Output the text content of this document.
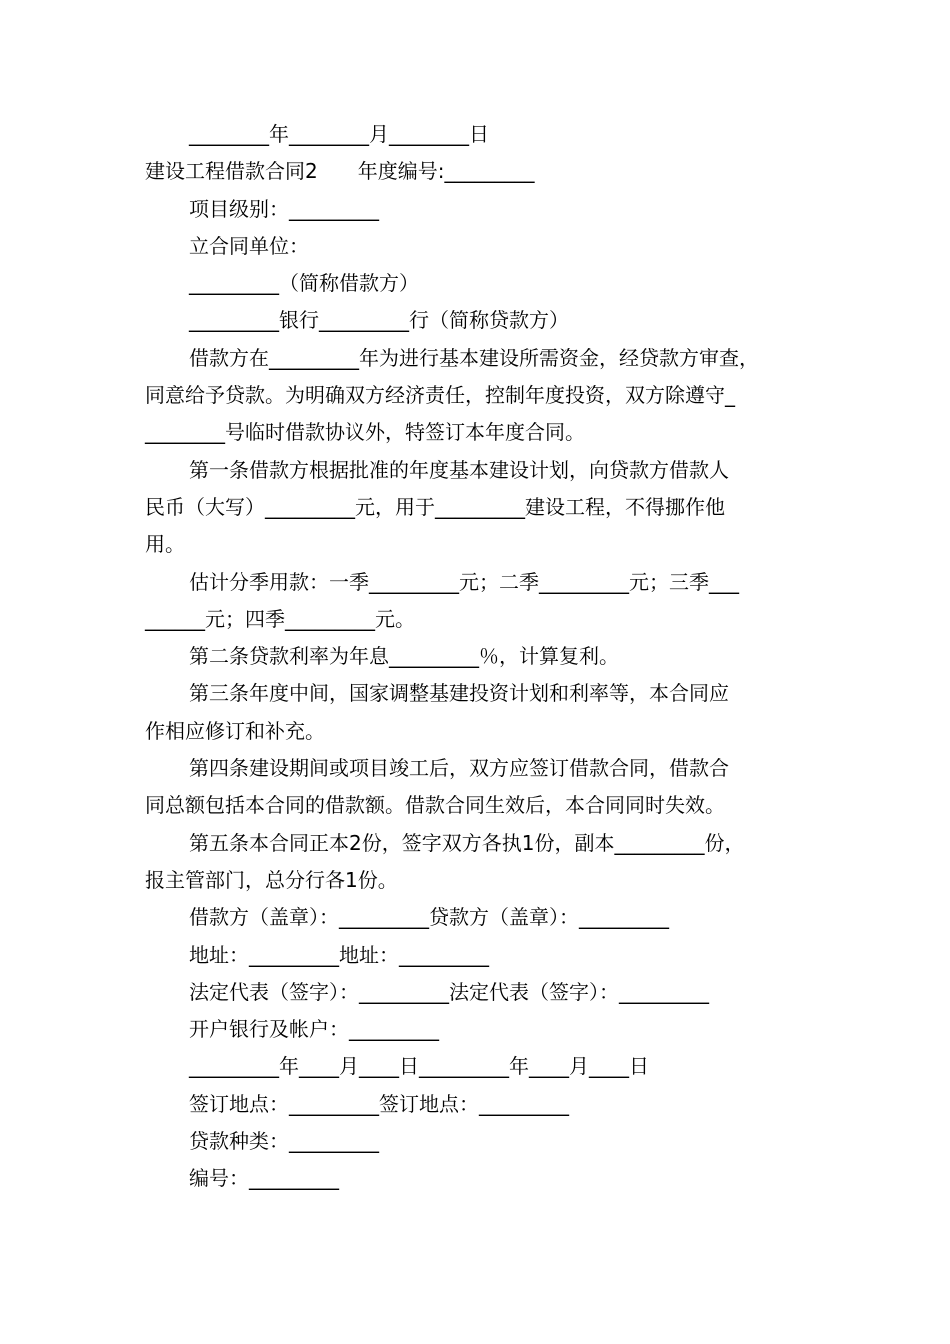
________年________月________日

建设工程借款合同2 年度编号:_________

项目级别：_________

立合同单位：

_________（简称借款方）

_________银行_________行（简称贷款方）

借款方在_________年为进行基本建设所需资金，经贷款方审查，

同意给予贷款。为明确双方经济责任，控制年度投资，双方除遵守_

________号临时借款协议外，特签订本年度合同。

第一条借款方根据批准的年度基本建设计划，向贷款方借款人

民币（大写）_________元，用于_________建设工程，不得挪作他

用。

估计分季用款：一季_________元；二季_________元；三季___

______元；四季_________元。

第二条贷款利率为年息_________％，计算复利。

第三条年度中间，国家调整基建投资计划和利率等，本合同应

作相应修订和补充。

第四条建设期间或项目竣工后，双方应签订借款合同，借款合

同总额包括本合同的借款额。借款合同生效后，本合同同时失效。

第五条本合同正本2份，签字双方各执1份，副本_________份，

报主管部门，总分行各1份。

借款方（盖章）：_________贷款方（盖章）：_________

地址：_________地址：_________

法定代表（签字）：_________法定代表（签字）：_________

开户银行及帐户：_________

_________年____月____日_________年____月____日

签订地点：_________签订地点：_________

贷款种类：_________

编号：_________
